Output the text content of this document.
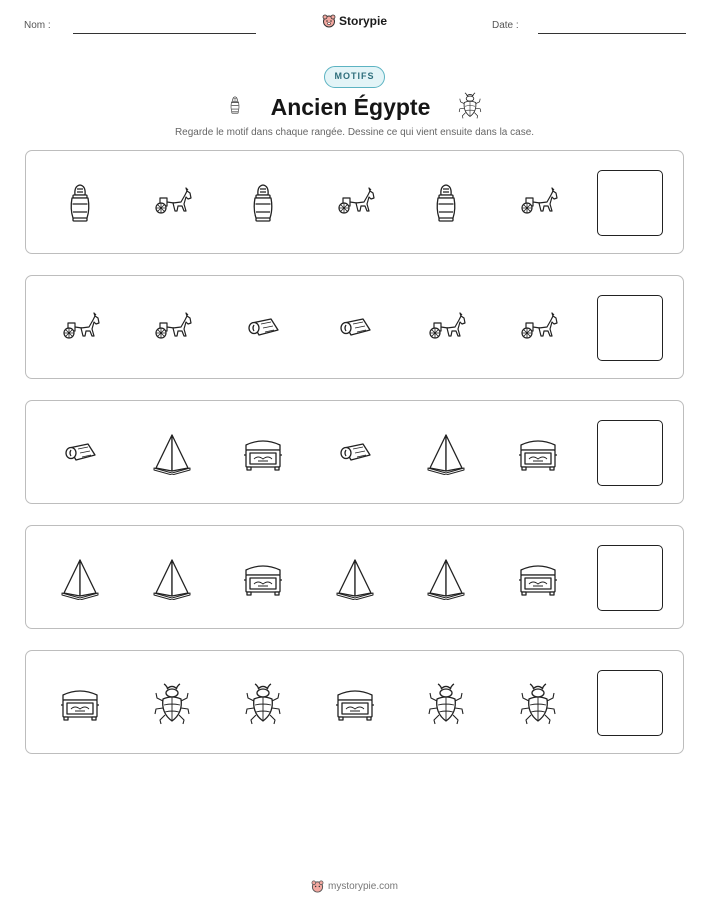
Nom :	Storypie	Date :
MOTIFS
Ancien Égypte
Regarde le motif dans chaque rangée. Dessine ce qui vient ensuite dans la case.
mystorypie.com
